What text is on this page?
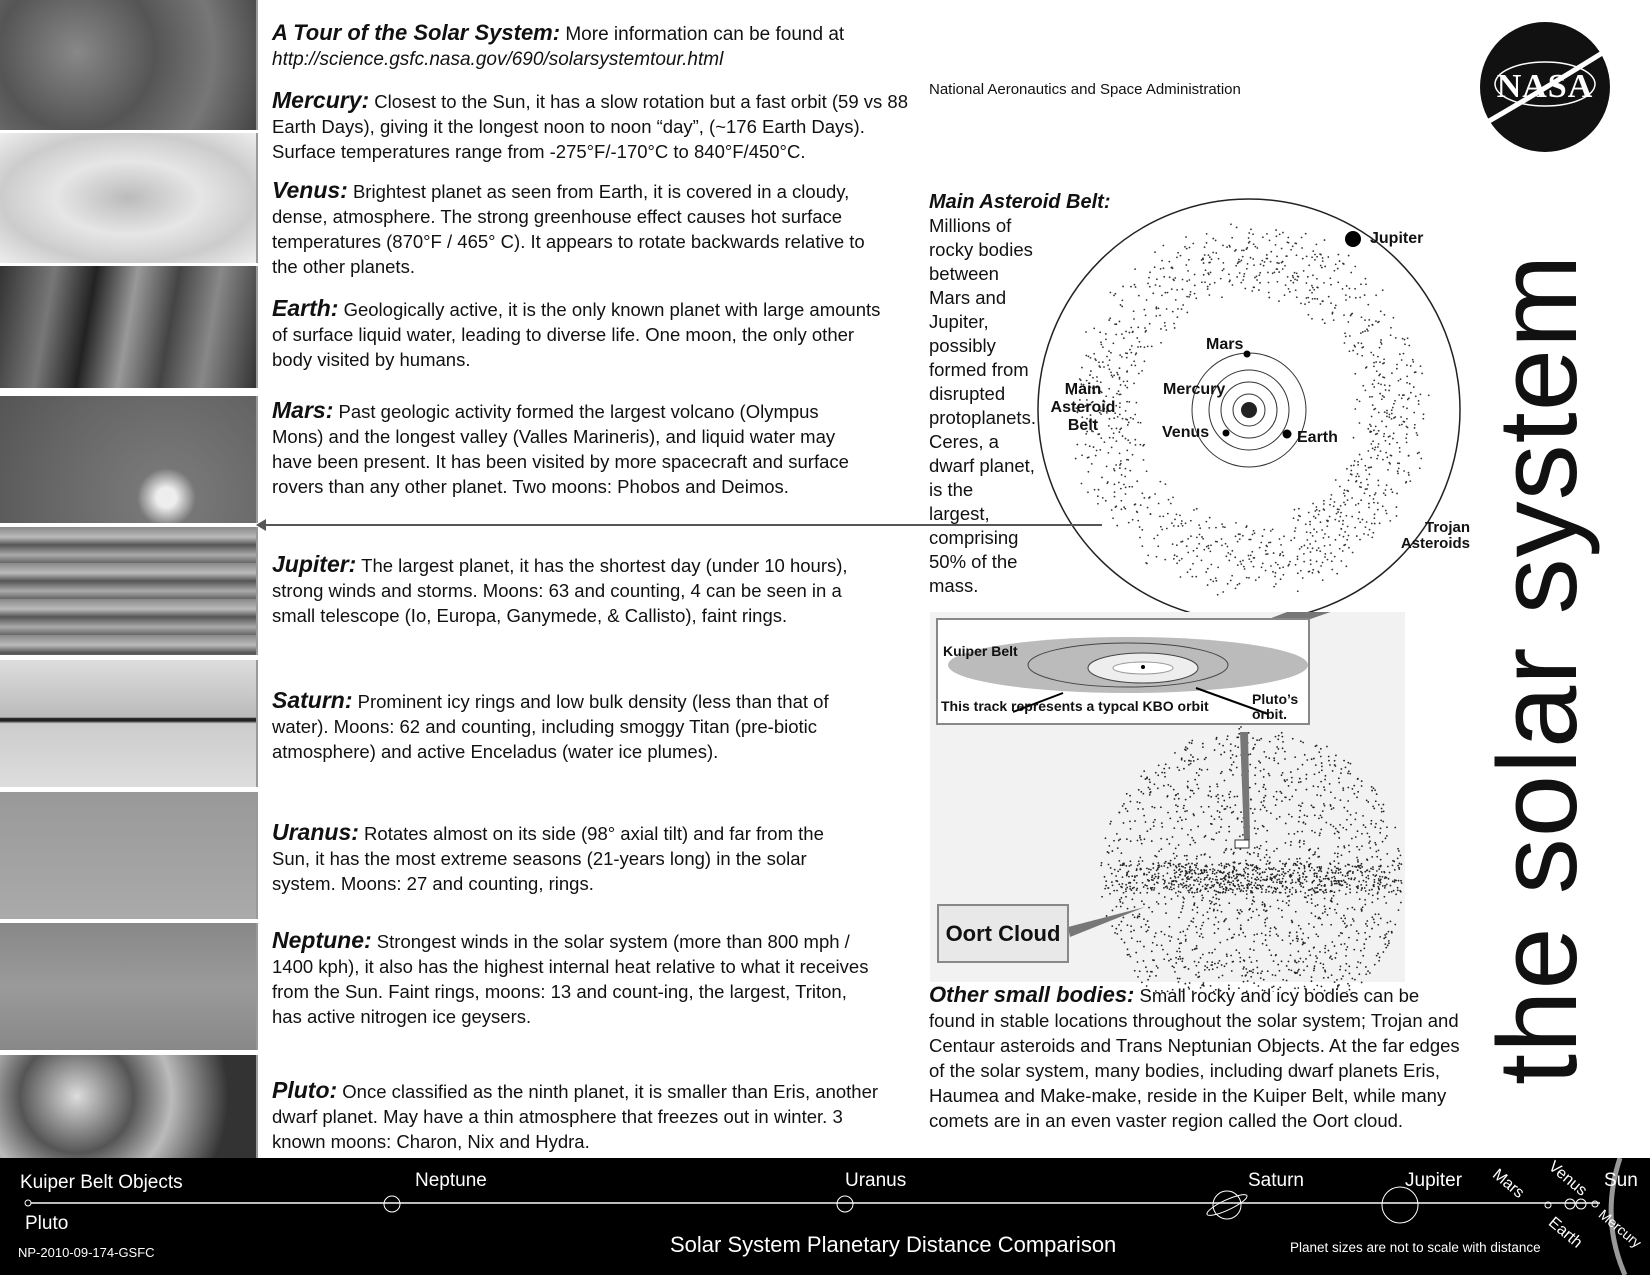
A Tour of the Solar System: More information can be found at http://science.gsfc.nasa.gov/690/solarsystemtour.html
Mercury: Closest to the Sun, it has a slow rotation but a fast orbit (59 vs 88 Earth Days), giving it the longest noon to noon “day”, (~176 Earth Days). Surface temperatures range from -275°F/-170°C to 840°F/450°C.
Venus: Brightest planet as seen from Earth, it is covered in a cloudy, dense, atmosphere. The strong greenhouse effect causes hot surface temperatures (870°F / 465° C). It appears to rotate backwards relative to the other planets.
Earth: Geologically active, it is the only known planet with large amounts of surface liquid water, leading to diverse life. One moon, the only other body visited by humans.
Mars: Past geologic activity formed the largest volcano (Olympus Mons) and the longest valley (Valles Marineris), and liquid water may have been present. It has been visited by more spacecraft and surface rovers than any other planet. Two moons: Phobos and Deimos.
Jupiter: The largest planet, it has the shortest day (under 10 hours), strong winds and storms. Moons: 63 and counting, 4 can be seen in a small telescope (Io, Europa, Ganymede, & Callisto), faint rings.
Saturn: Prominent icy rings and low bulk density (less than that of water). Moons: 62 and counting, including smoggy Titan (pre-biotic atmosphere) and active Enceladus (water ice plumes).
Uranus: Rotates almost on its side (98° axial tilt) and far from the Sun, it has the most extreme seasons (21-years long) in the solar system. Moons: 27 and counting, rings.
Neptune: Strongest winds in the solar system (more than 800 mph / 1400 kph), it also has the highest internal heat relative to what it receives from the Sun. Faint rings, moons: 13 and count-ing, the largest, Triton, has active nitrogen ice geysers.
Pluto: Once classified as the ninth planet, it is smaller than Eris, another dwarf planet. May have a thin atmosphere that freezes out in winter. 3 known moons: Charon, Nix and Hydra.
National Aeronautics and Space Administration	NASA
the solar system
Main Asteroid Belt: Millions of rocky bodies between Mars and Jupiter, possibly formed from disrupted protoplanets. Ceres, a dwarf planet, is the largest, comprising 50% of the mass.
Jupiter
Mars
Mercury
Venus	Earth
Main Asteroid Belt
Trojan Asteroids
Kuiper Belt
This track represents a typcal KBO orbit	Pluto’s orbit.
Oort Cloud
Other small bodies: Small rocky and icy bodies can be found in stable locations throughout the solar system; Trojan and Centaur asteroids and Trans Neptunian Objects. At the far edges of the solar system, many bodies, including dwarf planets Eris, Haumea and Make-make, reside in the Kuiper Belt, while many comets are in an even vaster region called the Oort cloud.
Kuiper Belt Objects
Pluto
Neptune	Uranus	Saturn	Jupiter Mars Venus
Earth Mercury
Sun
Solar System Planetary Distance Comparison	Planet sizes are not to scale with distance
NP-2010-09-174-GSFC
